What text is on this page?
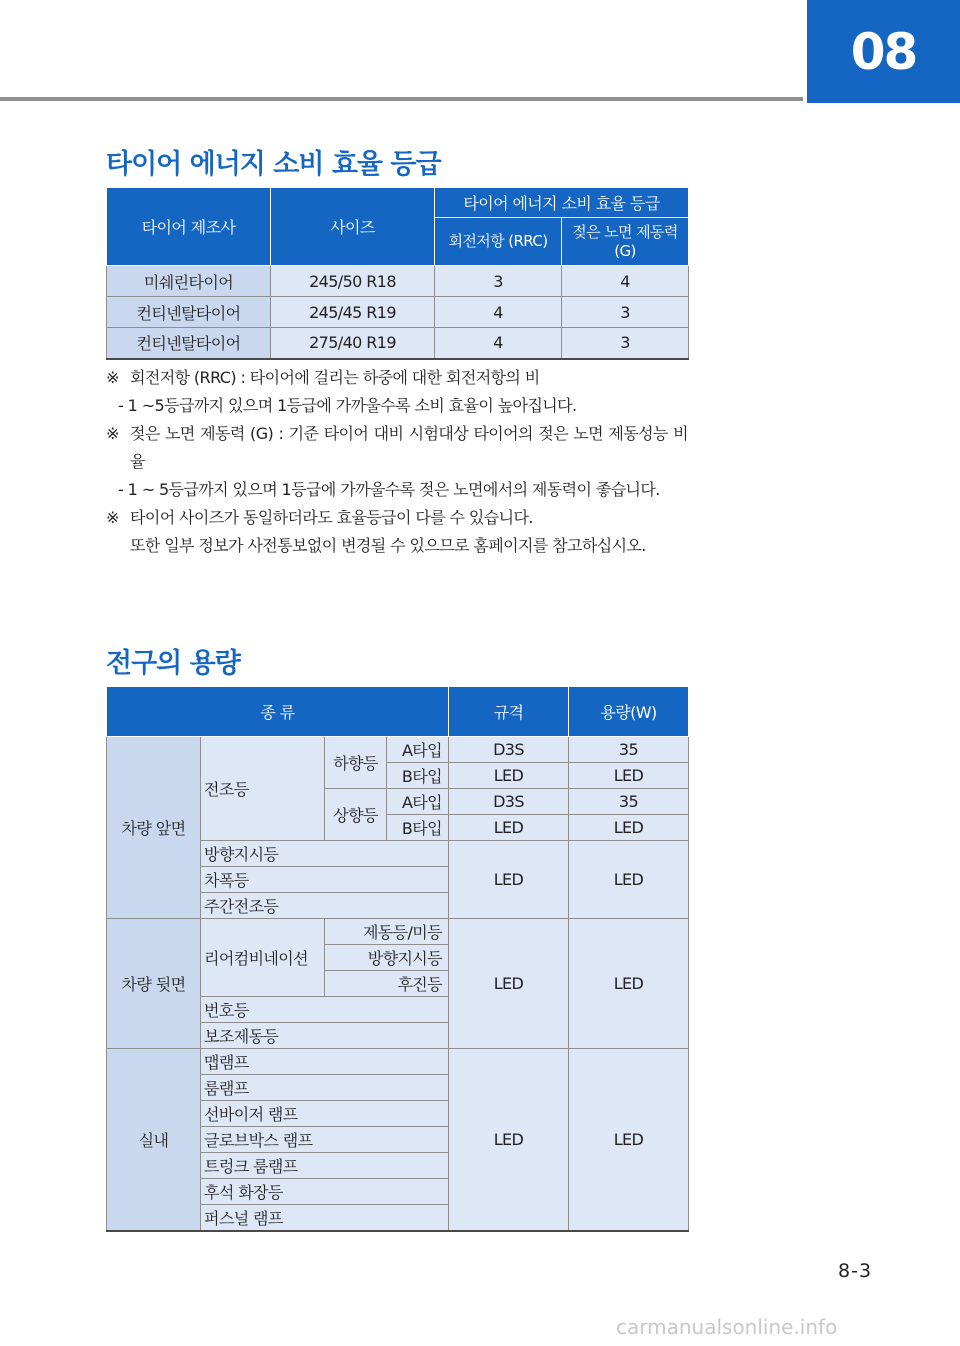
08
타이어 에너지 소비 효율 등급
타이어 제조사	사이즈	타이어 에너지 소비 효율 등급	
		회전저항 (RRC)	젖은 노면 제동력 (G)
미쉐린타이어	245/50 R18	3	4
컨티넨탈타이어	245/45 R19	4	3
컨티넨탈타이어	275/40 R19	4	3
※ 회전저항 (RRC) : 타이어에 걸리는 하중에 대한 회전저항의 비
- 1 ~5등급까지 있으며 1등급에 가까울수록 소비 효율이 높아집니다.
※ 젖은 노면 제동력 (G) : 기준 타이어 대비 시험대상 타이어의 젖은 노면 제동성능 비율
- 1 ~ 5등급까지 있으며 1등급에 가까울수록 젖은 노면에서의 제동력이 좋습니다.
※ 타이어 사이즈가 동일하더라도 효율등급이 다를 수 있습니다.
또한 일부 정보가 사전통보없이 변경될 수 있으므로 홈페이지를 참고하십시오.
전구의 용량
종 류				규격	용량(W)
차량 앞면	전조등	하향등	A타입	D3S	35
			B타입	LED	LED
		상향등	A타입	D3S	35
			B타입	LED	LED
	방향지시등			LED	LED
	차폭등				
	주간전조등				
차량 뒷면	리어컴비네이션	제동등/미등		LED	LED
		방향지시등			
		후진등			
	번호등				
	보조제동등				
실내	맵램프			LED	LED
	룸램프				
	선바이저 램프				
	글로브박스 램프				
	트렁크 룸램프				
	후석 화장등				
	퍼스널 램프				
8-3
carmanualsonline.info
